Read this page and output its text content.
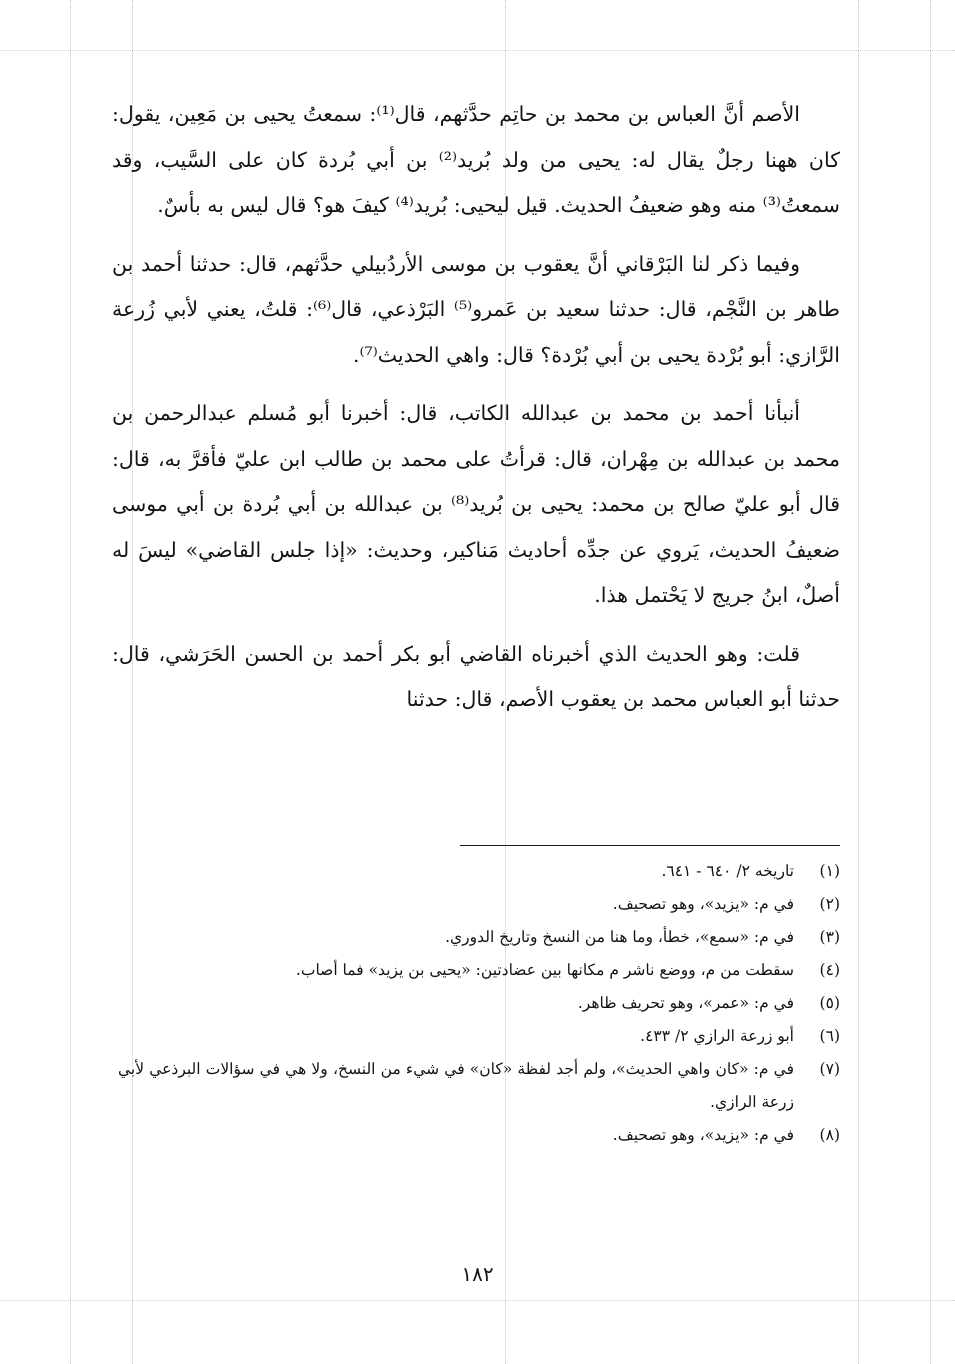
الأصم أنَّ العباس بن محمد بن حاتِم حدَّثهم، قال⁽¹⁾: سمعتُ يحيى بن مَعِين، يقول: كان ههنا رجلٌ يقال له: يحيى من ولد بُريد⁽²⁾ بن أبي بُردة كان على السَّيب، وقد سمعتُ⁽³⁾ منه وهو ضعيفُ الحديث. قيل ليحيى: بُريد⁽⁴⁾ كيفَ هو؟ قال ليس به بأسٌ.

وفيما ذكر لنا البَرْقاني أنَّ يعقوب بن موسى الأردُبيلي حدَّثهم، قال: حدثنا أحمد بن طاهر بن النَّجْم، قال: حدثنا سعيد بن عَمرو⁽⁵⁾ البَرْذعي، قال⁽⁶⁾: قلتُ، يعني لأبي زُرعة الرَّازي: أبو بُرْدة يحيى بن أبي بُرْدة؟ قال: واهي الحديث⁽⁷⁾.

أنبأنا أحمد بن محمد بن عبدالله الكاتب، قال: أخبرنا أبو مُسلم عبدالرحمن بن محمد بن عبدالله بن مِهْران، قال: قرأتُ على محمد بن طالب ابن عليّ فأقرَّ به، قال: قال أبو عليّ صالح بن محمد: يحيى بن بُريد⁽⁸⁾ بن عبدالله بن أبي بُردة بن أبي موسى ضعيفُ الحديث، يَروي عن جدِّه أحاديث مَناكير، وحديث: «إذا جلس القاضي» ليسَ له أصلٌ، ابنُ جريج لا يَحْتمل هذا.

قلت: وهو الحديث الذي أخبرناه القاضي أبو بكر أحمد بن الحسن الحَرَشي، قال: حدثنا أبو العباس محمد بن يعقوب الأصم، قال: حدثنا

(١)
تاريخه ٢/ ٦٤٠ - ٦٤١.
(٢)
في م: «يزيد»، وهو تصحيف.
(٣)
في م: «سمع»، خطأ، وما هنا من النسخ وتاريخ الدوري.
(٤)
سقطت من م، ووضع ناشر م مكانها بين عضادتين: «يحيى بن يزيد» فما أصاب.
(٥)
في م: «عمر»، وهو تحريف ظاهر.
(٦)
أبو زرعة الرازي ٢/ ٤٣٣.
(٧)
في م: «كان واهي الحديث»، ولم أجد لفظة «كان» في شيء من النسخ، ولا هي في سؤالات البرذعي لأبي زرعة الرازي.
(٨)
في م: «يزيد»، وهو تصحيف.
١٨٢
